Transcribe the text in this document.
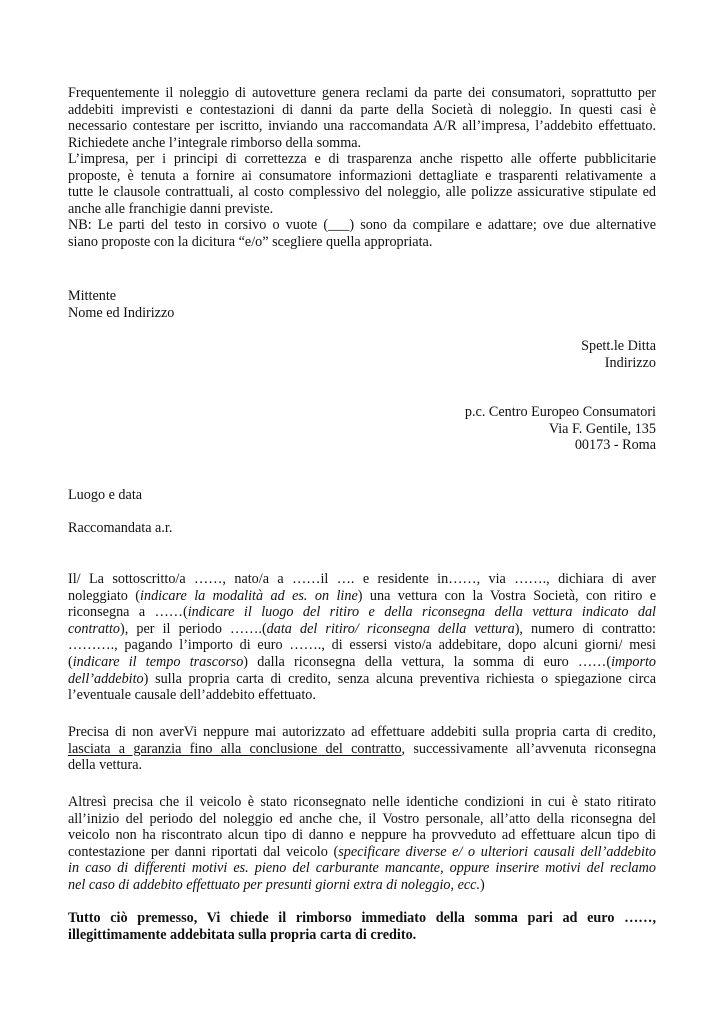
Frequentemente il noleggio di autovetture genera reclami da parte dei consumatori, soprattutto per
addebiti imprevisti e contestazioni di danni da parte della Società di noleggio. In questi casi è
necessario contestare per iscritto, inviando una raccomandata A/R all’impresa, l’addebito effettuato.
Richiedete anche l’integrale rimborso della somma.
L’impresa, per i principi di correttezza e di trasparenza anche rispetto alle offerte pubblicitarie
proposte, è tenuta a fornire ai consumatore informazioni dettagliate e trasparenti relativamente a
tutte le clausole contrattuali, al costo complessivo del noleggio, alle polizze assicurative stipulate ed
anche alle franchigie danni previste.
NB: Le parti del testo in corsivo o vuote (___) sono da compilare e adattare; ove due alternative
siano proposte con la dicitura “e/o” scegliere quella appropriata.

Mittente

Nome ed Indirizzo

Spett.le Ditta

Indirizzo

p.c. Centro Europeo Consumatori

Via F. Gentile, 135

00173 - Roma

Luogo e data

Raccomandata a.r.

Il/ La sottoscritto/a ……, nato/a a ……il …. e residente in……, via ……., dichiara di aver
noleggiato (indicare la modalità ad es. on line) una vettura con la Vostra Società, con ritiro e
riconsegna a ……(indicare il luogo del ritiro e della riconsegna della vettura indicato dal
contratto), per il periodo …….(data del ritiro/ riconsegna della vettura), numero di contratto:
………., pagando l’importo di euro ……., di essersi visto/a addebitare, dopo alcuni giorni/ mesi
(indicare il tempo trascorso) dalla riconsegna della vettura, la somma di euro ……(importo
dell’addebito) sulla propria carta di credito, senza alcuna preventiva richiesta o spiegazione circa
l’eventuale causale dell’addebito effettuato.
Precisa di non averVi neppure mai autorizzato ad effettuare addebiti sulla propria carta di credito,
lasciata a garanzia fino alla conclusione del contratto, successivamente all’avvenuta riconsegna
della vettura.
Altresì precisa che il veicolo è stato riconsegnato nelle identiche condizioni in cui è stato ritirato
all’inizio del periodo del noleggio ed anche che, il Vostro personale, all’atto della riconsegna del
veicolo non ha riscontrato alcun tipo di danno e neppure ha provveduto ad effettuare alcun tipo di
contestazione per danni riportati dal veicolo (specificare diverse e/ o ulteriori causali dell’addebito
in caso di differenti motivi es. pieno del carburante mancante, oppure inserire motivi del reclamo
nel caso di addebito effettuato per presunti giorni extra di noleggio, ecc.)
Tutto ciò premesso, Vi chiede il rimborso immediato della somma pari ad euro ……,
illegittimamente addebitata sulla propria carta di credito.
